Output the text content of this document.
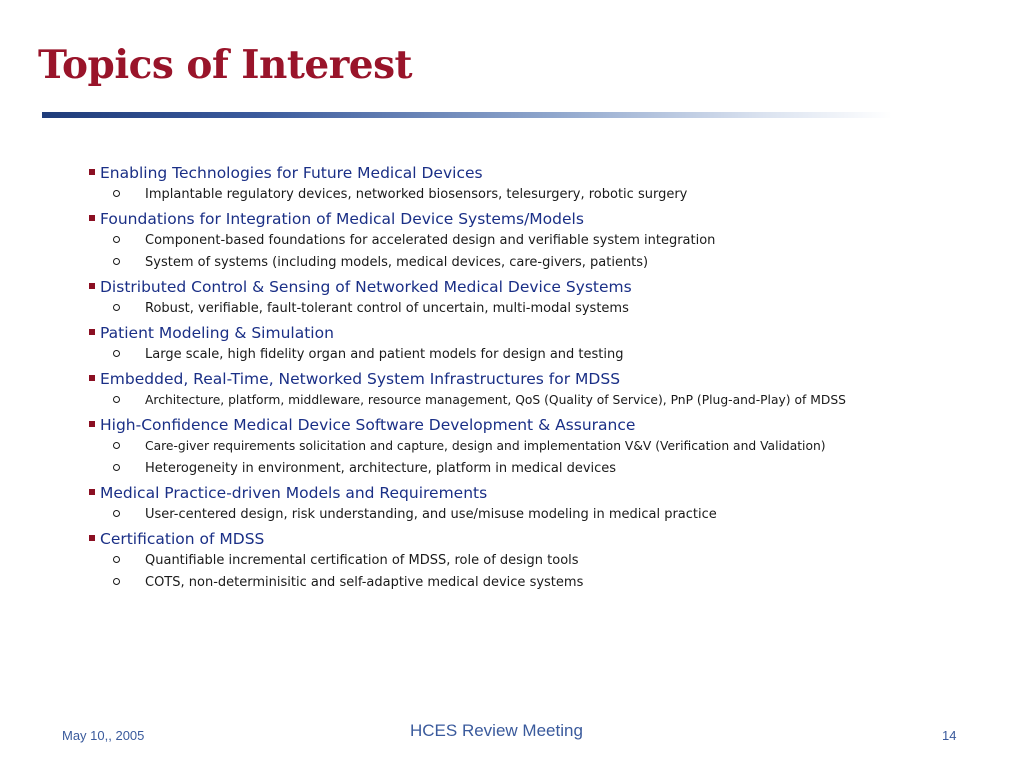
Topics of Interest
Enabling Technologies for Future Medical Devices
Implantable regulatory devices, networked biosensors, telesurgery, robotic surgery
Foundations for Integration of Medical Device Systems/Models
Component-based foundations for accelerated design and verifiable system integration
System of systems (including models, medical devices, care-givers, patients)
Distributed Control & Sensing of Networked Medical Device Systems
Robust, verifiable, fault-tolerant control of uncertain, multi-modal systems
Patient Modeling & Simulation
Large scale, high fidelity organ and patient models for design and testing
Embedded, Real-Time, Networked System Infrastructures for MDSS
Architecture, platform, middleware, resource management, QoS (Quality of Service), PnP (Plug-and-Play) of MDSS
High-Confidence Medical Device Software Development & Assurance
Care-giver requirements solicitation and capture, design and implementation V&V (Verification and Validation)
Heterogeneity in environment, architecture, platform in medical devices
Medical Practice-driven Models and Requirements
User-centered design, risk understanding, and use/misuse modeling in medical practice
Certification of MDSS
Quantifiable incremental certification of MDSS, role of design tools
COTS, non-determinisitic and self-adaptive medical device systems
May 10,, 2005	HCES Review Meeting	14
